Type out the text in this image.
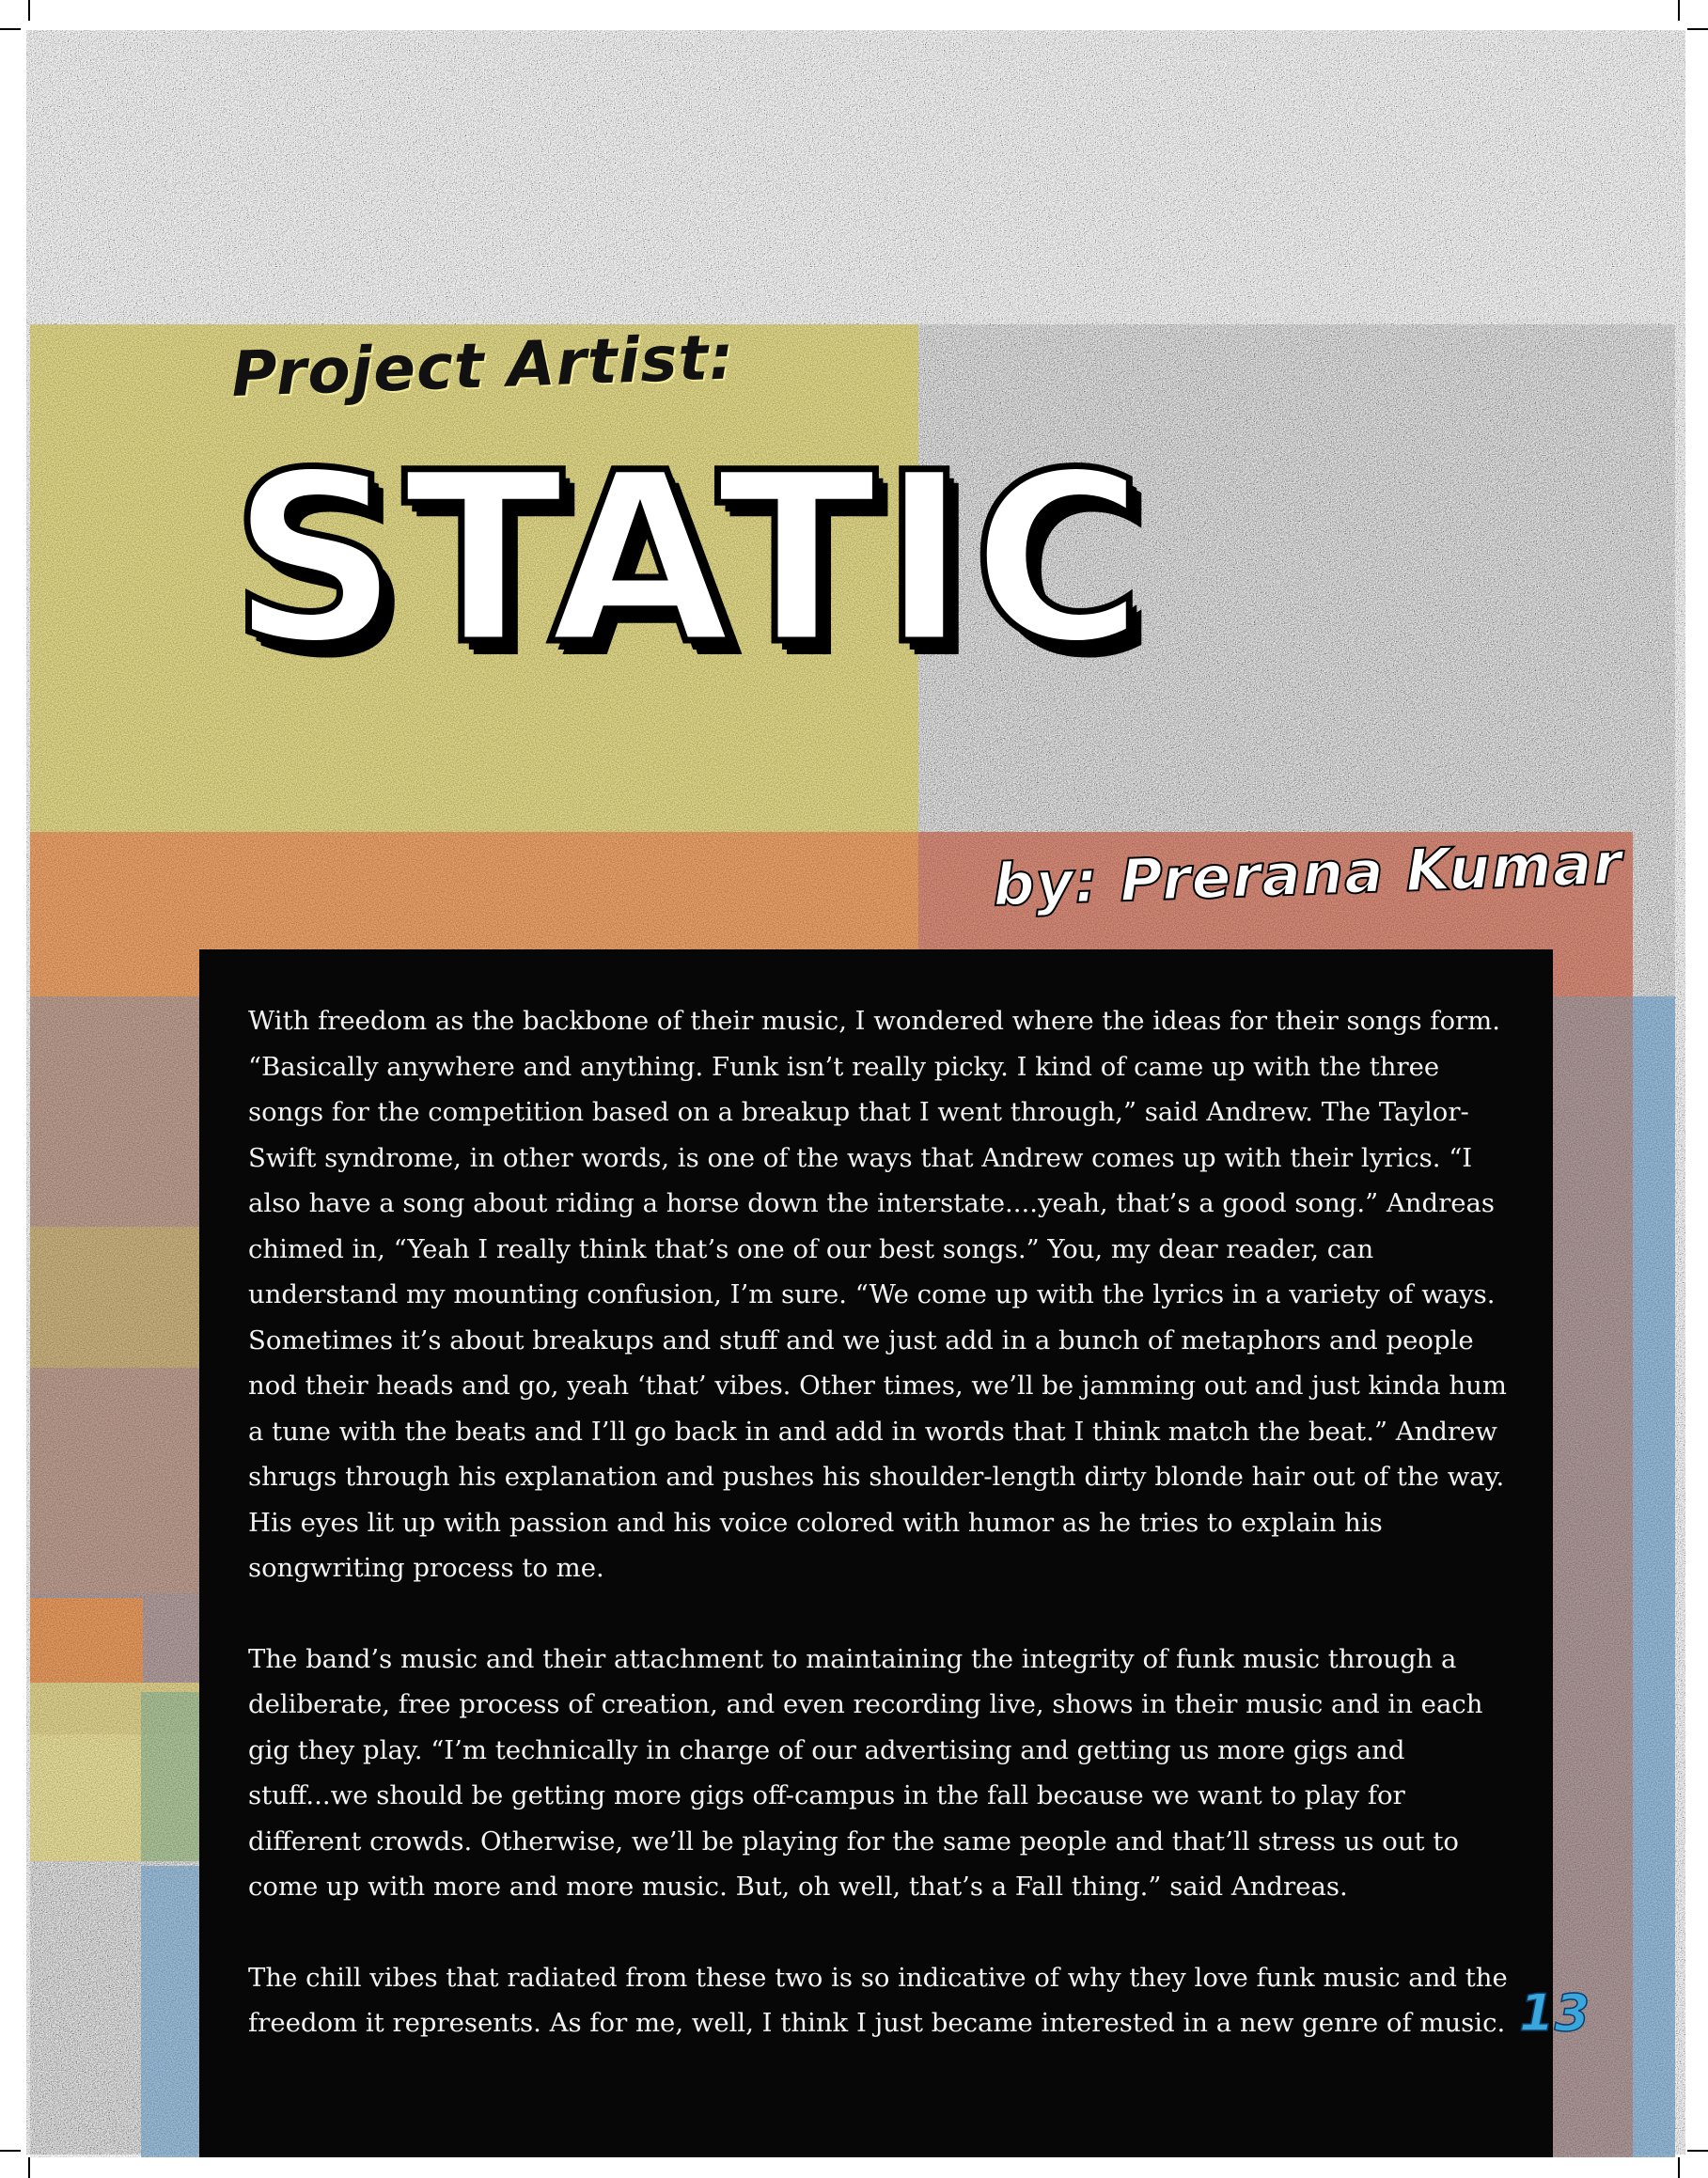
Project Artist:
STATIC

by: Prerana Kumar

With freedom as the backbone of their music, I wondered where the ideas for their songs form. “Basically anywhere and anything. Funk isn’t really picky. I kind of came up with the three songs for the competition based on a breakup that I went through,” said Andrew. The Taylor-Swift syndrome, in other words, is one of the ways that Andrew comes up with their lyrics. “I also have a song about riding a horse down the interstate....yeah, that’s a good song.” Andreas chimed in, “Yeah I really think that’s one of our best songs.” You, my dear reader, can understand my mounting confusion, I’m sure. “We come up with the lyrics in a variety of ways. Sometimes it’s about breakups and stuff and we just add in a bunch of metaphors and people nod their heads and go, yeah ‘that’ vibes. Other times, we’ll be jamming out and just kinda hum a tune with the beats and I’ll go back in and add in words that I think match the beat.” Andrew shrugs through his explanation and pushes his shoulder-length dirty blonde hair out of the way. His eyes lit up with passion and his voice colored with humor as he tries to explain his songwriting process to me.

The band’s music and their attachment to maintaining the integrity of funk music through a deliberate, free process of creation, and even recording live, shows in their music and in each gig they play. “I’m technically in charge of our advertising and getting us more gigs and stuff...we should be getting more gigs off-campus in the fall because we want to play for different crowds. Otherwise, we’ll be playing for the same people and that’ll stress us out to come up with more and more music. But, oh well, that’s a Fall thing.” said Andreas.

The chill vibes that radiated from these two is so indicative of why they love funk music and the freedom it represents. As for me, well, I think I just became interested in a new genre of music. 13
